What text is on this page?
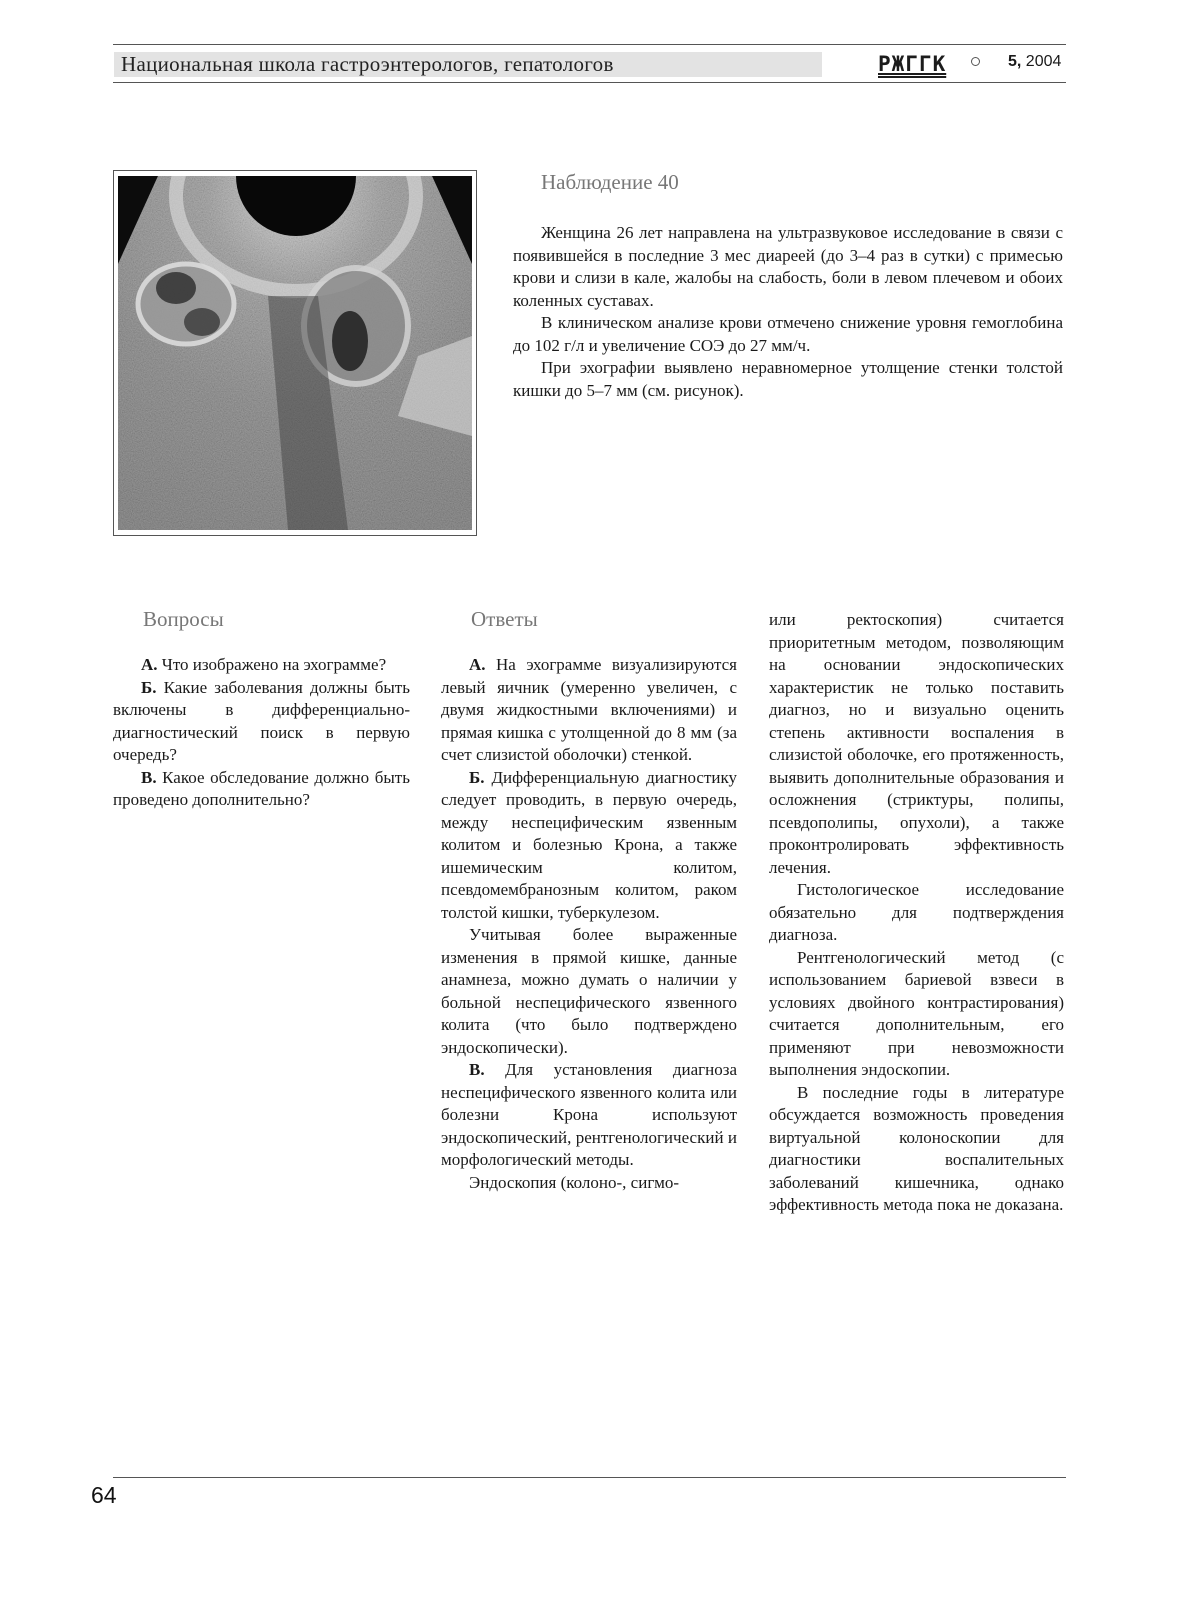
Национальная школа гастроэнтерологов, гепатологов	РЖГГК	5, 2004
Наблюдение 40

Женщина 26 лет направлена на ультразвуковое исследование в связи с появившейся в последние 3 мес диареей (до 3–4 раз в сутки) с примесью крови и слизи в кале, жалобы на слабость, боли в левом плечевом и обоих коленных суставах.

В клиническом анализе крови отмечено снижение уровня гемоглобина до 102 г/л и увеличение СОЭ до 27 мм/ч.

При эхографии выявлено неравномерное утолщение стенки толстой кишки до 5–7 мм (см. рисунок).

Вопросы

А. Что изображено на эхограмме?

Б. Какие заболевания должны быть включены в дифференциально-диагностический поиск в первую очередь?

В. Какое обследование должно быть проведено дополнительно?

Ответы

А. На эхограмме визуализируются левый яичник (умеренно увеличен, с двумя жидкостными включениями) и прямая кишка с утолщенной до 8 мм (за счет слизистой оболочки) стенкой.

Б. Дифференциальную диагностику следует проводить, в первую очередь, между неспецифическим язвенным колитом и болезнью Крона, а также ишемическим колитом, псевдомембранозным колитом, раком толстой кишки, туберкулезом.

Учитывая более выраженные изменения в прямой кишке, данные анамнеза, можно думать о наличии у больной неспецифического язвенного колита (что было подтверждено эндоскопически).

В. Для установления диагноза неспецифического язвенного колита или болезни Крона используют эндоскопический, рентгенологический и морфологический методы.

Эндоскопия (колоно-, сигмо-

или ректоскопия) считается приоритетным методом, позволяющим на основании эндоскопических характеристик не только поставить диагноз, но и визуально оценить степень активности воспаления в слизистой оболочке, его протяженность, выявить дополнительные образования и осложнения (стриктуры, полипы, псевдополипы, опухоли), а также проконтролировать эффективность лечения.

Гистологическое исследование обязательно для подтверждения диагноза.

Рентгенологический метод (с использованием бариевой взвеси в условиях двойного контрастирования) считается дополнительным, его применяют при невозможности выполнения эндоскопии.

В последние годы в литературе обсуждается возможность проведения виртуальной колоноскопии для диагностики воспалительных заболеваний кишечника, однако эффективность метода пока не доказана.

64
